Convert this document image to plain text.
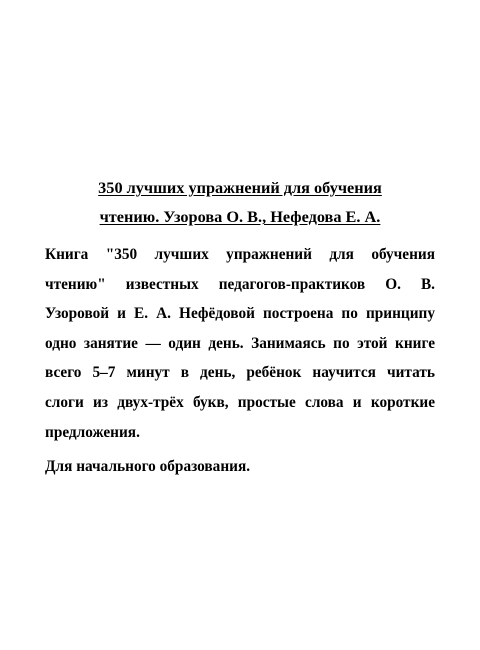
350 лучших упражнений для обучения
чтению. Узорова О. В., Нефедова Е. А.

Книга "350 лучших упражнений для обучения
чтению" известных педагогов-практиков О. В.
Узоровой и Е. А. Нефёдовой построена по принципу
одно занятие — один день. Занимаясь по этой книге
всего 5–7 минут в день, ребёнок научится читать
слоги из двух-трёх букв, простые слова и короткие
предложения.

Для начального образования.
